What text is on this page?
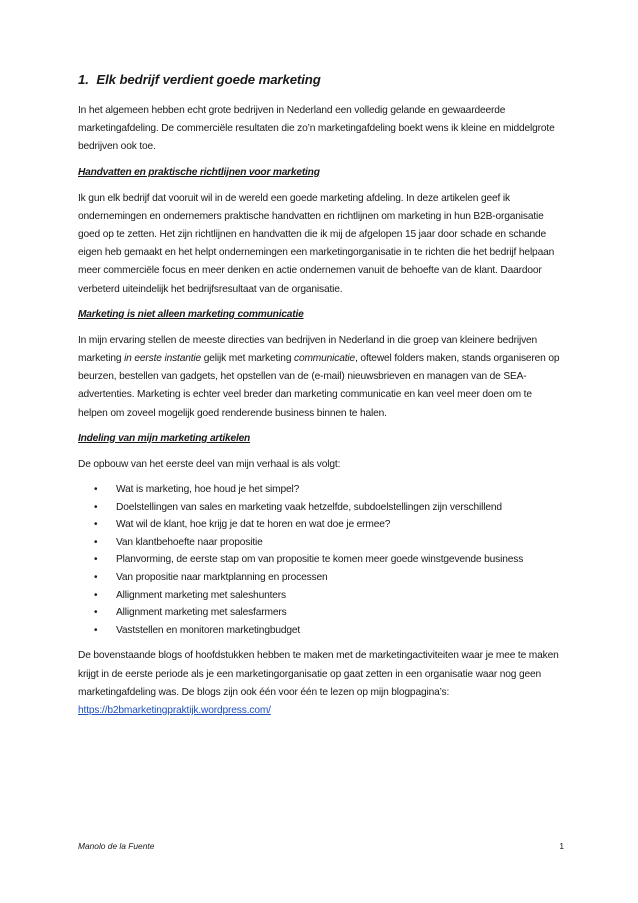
1. Elk bedrijf verdient goede marketing

In het algemeen hebben echt grote bedrijven in Nederland een volledig gelande en gewaardeerde marketingafdeling. De commerciële resultaten die zo’n marketingafdeling boekt wens ik kleine en middelgrote bedrijven ook toe.

Handvatten en praktische richtlijnen voor marketing

Ik gun elk bedrijf dat vooruit wil in de wereld een goede marketing afdeling. In deze artikelen geef ik ondernemingen en ondernemers praktische handvatten en richtlijnen om marketing in hun B2B-organisatie goed op te zetten. Het zijn richtlijnen en handvatten die ik mij de afgelopen 15 jaar door schade en schande eigen heb gemaakt en het helpt ondernemingen een marketingorganisatie in te richten die het bedrijf helpaan meer commerciële focus en meer denken en actie ondernemen vanuit de behoefte van de klant. Daardoor verbeterd uiteindelijk het bedrijfsresultaat van de organisatie.

Marketing is niet alleen marketing communicatie

In mijn ervaring stellen de meeste directies van bedrijven in Nederland in die groep van kleinere bedrijven marketing in eerste instantie gelijk met marketing communicatie, oftewel folders maken, stands organiseren op beurzen, bestellen van gadgets, het opstellen van de (e-mail) nieuwsbrieven en managen van de SEA-advertenties. Marketing is echter veel breder dan marketing communicatie en kan veel meer doen om te helpen om zoveel mogelijk goed renderende business binnen te halen.

Indeling van mijn marketing artikelen

De opbouw van het eerste deel van mijn verhaal is als volgt:

• Wat is marketing, hoe houd je het simpel?
• Doelstellingen van sales en marketing vaak hetzelfde, subdoelstellingen zijn verschillend
• Wat wil de klant, hoe krijg je dat te horen en wat doe je ermee?
• Van klantbehoefte naar propositie
• Planvorming, de eerste stap om van propositie te komen meer goede winstgevende business
• Van propositie naar marktplanning en processen
• Allignment marketing met saleshunters
• Allignment marketing met salesfarmers
• Vaststellen en monitoren marketingbudget

De bovenstaande blogs of hoofdstukken hebben te maken met de marketingactiviteiten waar je mee te maken krijgt in de eerste periode als je een marketingorganisatie op gaat zetten in een organisatie waar nog geen marketingafdeling was. De blogs zijn ook één voor één te lezen op mijn blogpagina’s:
https://b2bmarketingpraktijk.wordpress.com/

Manolo de la Fuente	1
